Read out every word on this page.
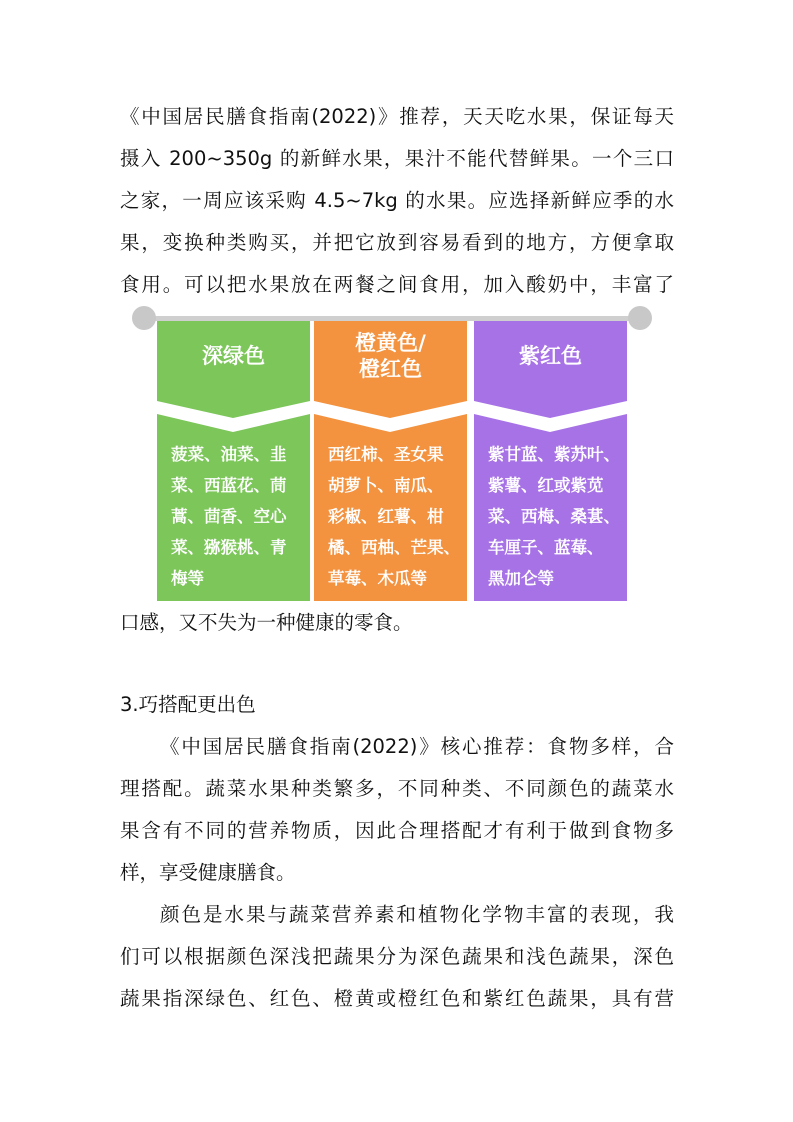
《中国居民膳食指南(2022)》推荐，天天吃水果，保证每天
摄入 200~350g 的新鲜水果，果汁不能代替鲜果。一个三口
之家，一周应该采购 4.5~7kg 的水果。应选择新鲜应季的水
果，变换种类购买，并把它放到容易看到的地方，方便拿取
食用。可以把水果放在两餐之间食用，加入酸奶中，丰富了
深绿色
菠菜、油菜、韭
菜、西蓝花、茼
蒿、茴香、空心
菜、猕猴桃、青
梅等
橙黄色/
橙红色
西红柿、圣女果
胡萝卜、南瓜、
彩椒、红薯、柑
橘、西柚、芒果、
草莓、木瓜等
紫红色
紫甘蓝、紫苏叶、
紫薯、红或紫苋
菜、西梅、桑葚、
车厘子、蓝莓、
黑加仑等
口感，又不失为一种健康的零食。
3.巧搭配更出色
《中国居民膳食指南(2022)》核心推荐：食物多样，合
理搭配。蔬菜水果种类繁多，不同种类、不同颜色的蔬菜水
果含有不同的营养物质，因此合理搭配才有利于做到食物多
样，享受健康膳食。
颜色是水果与蔬菜营养素和植物化学物丰富的表现，我
们可以根据颜色深浅把蔬果分为深色蔬果和浅色蔬果，深色
蔬果指深绿色、红色、橙黄或橙红色和紫红色蔬果，具有营
